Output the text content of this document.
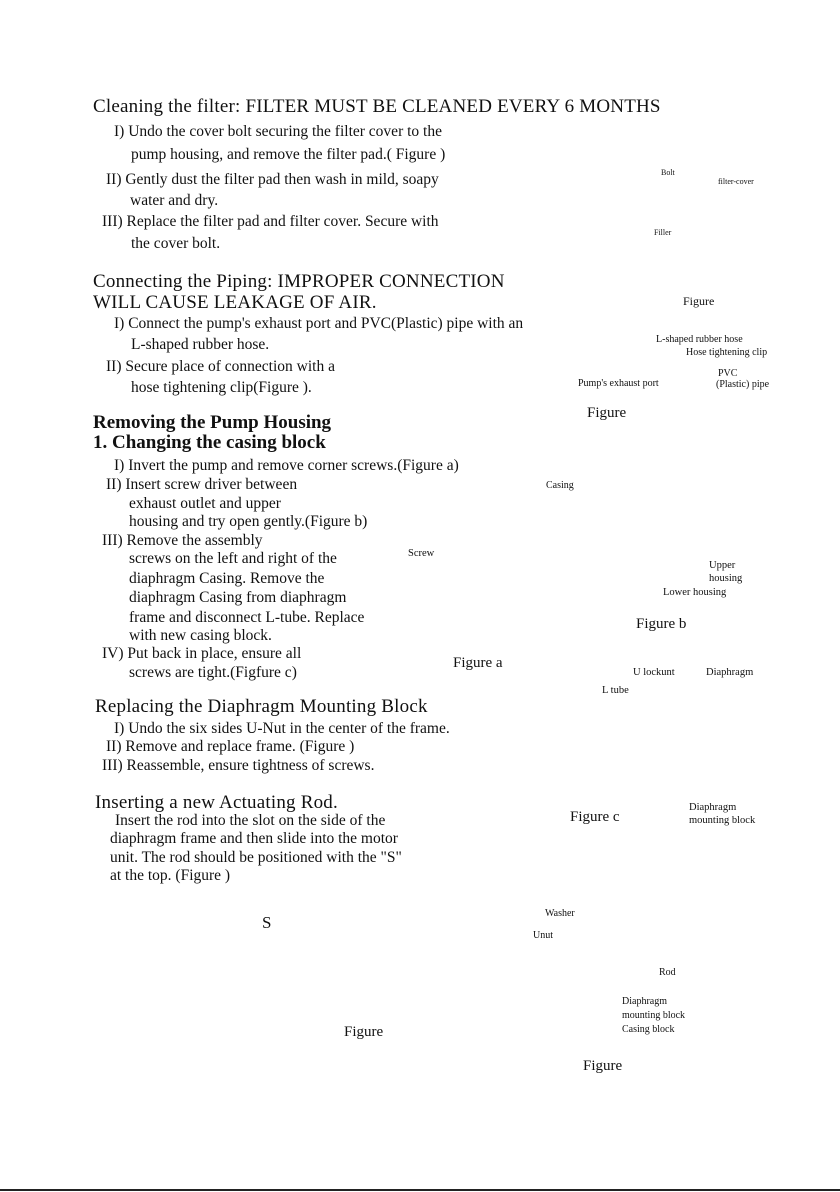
Cleaning the filter: FILTER MUST BE CLEANED EVERY 6 MONTHS
I) Undo the cover bolt securing the filter cover to the
pump housing, and remove the filter pad.( Figure )
II) Gently dust the filter pad then wash in mild, soapy
water and dry.
III) Replace the filter pad and filter cover. Secure with
the cover bolt.
Bolt
filter-cover
Filler
Connecting the Piping: IMPROPER CONNECTION
WILL CAUSE LEAKAGE OF AIR.
I) Connect the pump's exhaust port and PVC(Plastic) pipe with an
L-shaped rubber hose.
II) Secure place of connection with a
hose tightening clip(Figure ).
Figure
L-shaped rubber hose
Hose tightening clip
PVC
Pump's exhaust port	(Plastic) pipe
Figure
Removing the Pump Housing
1. Changing the casing block
I) Invert the pump and remove corner screws.(Figure a)
II) Insert screw driver between
exhaust outlet and upper
housing and try open gently.(Figure b)
III) Remove the assembly
screws on the left and right of the
diaphragm Casing. Remove the
diaphragm Casing from diaphragm
frame and disconnect L-tube. Replace
with new casing block.
IV) Put back in place, ensure all
screws are tight.(Figfure c)
Casing
Screw
Upper
housing
Lower housing
Figure b
Figure a
U lockunt	Diaphragm
L tube
Replacing the Diaphragm Mounting Block
I) Undo the six sides U-Nut in the center of the frame.
II) Remove and replace frame. (Figure )
III) Reassemble, ensure tightness of screws.
Diaphragm
mounting block
Figure c
Inserting a new Actuating Rod.
Insert the rod into the slot on the side of the
diaphragm frame and then slide into the motor
unit. The rod should be positioned with the "S"
at the top. (Figure )
S	Washer
Unut
Rod
Diaphragm
mounting block
Casing block
Figure
Figure
